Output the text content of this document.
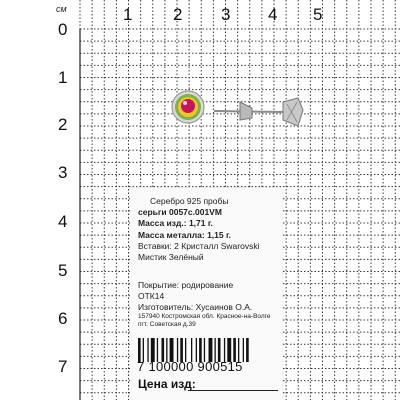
1 2 3 4 5
0
1
2
3
4
5
6
7
см
Серебро 925 пробы
серьги 0057с.001VM
Масса изд.: 1,71 г.
Масса металла: 1,15 г.
Вставки: 2 Кристалл Swarovski
Мистик Зелёный
Покрытие: родирование
ОТК14
Изготовитель: Хусаинов О.А.
157940 Костромская обл. Красное-на-Волге
пгт. Советская д.39
7 100000 900515
Цена изд:
